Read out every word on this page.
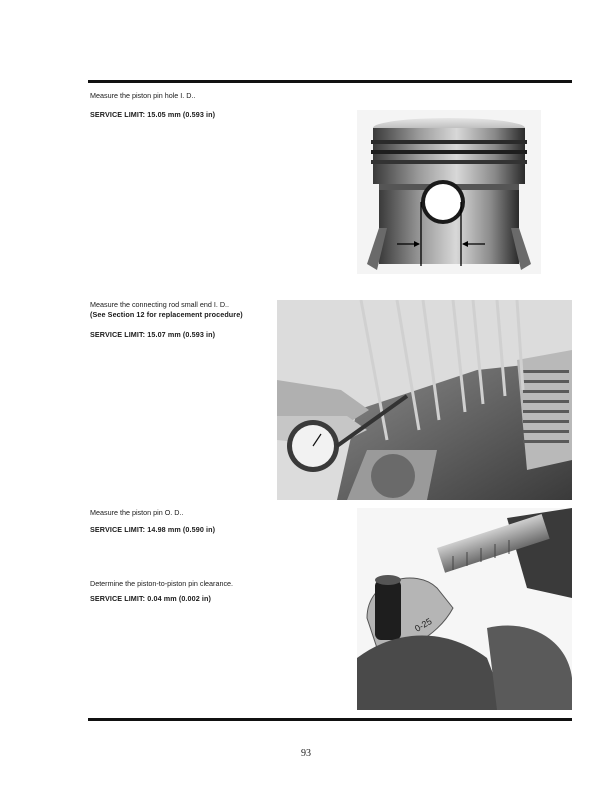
Measure the piston pin hole I. D..
SERVICE LIMIT: 15.05 mm (0.593 in)
Measure the connecting rod small end I. D..
(See Section 12 for replacement procedure)
SERVICE LIMIT: 15.07 mm (0.593 in)
Measure the piston pin O. D..
SERVICE LIMIT: 14.98 mm (0.590 in)
Determine the piston-to-piston pin clearance.
SERVICE LIMIT: 0.04 mm (0.002 in)
0-25
93
